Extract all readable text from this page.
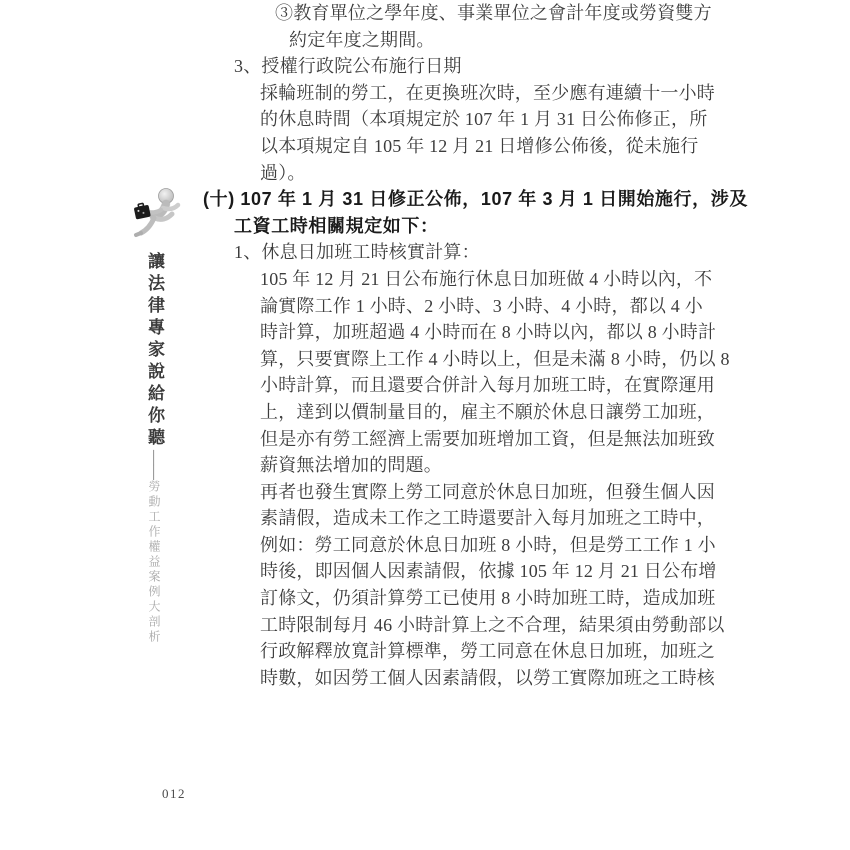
讓法律專家說給你聽——勞動工作權益案例大剖析
③教育單位之學年度、事業單位之會計年度或勞資雙方
約定年度之期間。
3、授權行政院公布施行日期
採輪班制的勞工，在更換班次時，至少應有連續十一小時
的休息時間（本項規定於 107 年 1 月 31 日公佈修正，所
以本項規定自 105 年 12 月 21 日增修公佈後，從未施行
過）。
(十) 107 年 1 月 31 日修正公佈，107 年 3 月 1 日開始施行，涉及
工資工時相關規定如下：
1、休息日加班工時核實計算：
105 年 12 月 21 日公布施行休息日加班做 4 小時以內，不
論實際工作 1 小時、2 小時、3 小時、4 小時，都以 4 小
時計算，加班超過 4 小時而在 8 小時以內，都以 8 小時計
算，只要實際上工作 4 小時以上，但是未滿 8 小時，仍以 8
小時計算，而且還要合併計入每月加班工時，在實際運用
上，達到以價制量目的，雇主不願於休息日讓勞工加班，
但是亦有勞工經濟上需要加班增加工資，但是無法加班致
薪資無法增加的問題。
再者也發生實際上勞工同意於休息日加班，但發生個人因
素請假，造成未工作之工時還要計入每月加班之工時中，
例如：勞工同意於休息日加班 8 小時，但是勞工工作 1 小
時後，即因個人因素請假，依據 105 年 12 月 21 日公布增
訂條文，仍須計算勞工已使用 8 小時加班工時，造成加班
工時限制每月 46 小時計算上之不合理，結果須由勞動部以
行政解釋放寬計算標準，勞工同意在休息日加班，加班之
時數，如因勞工個人因素請假，以勞工實際加班之工時核
012
